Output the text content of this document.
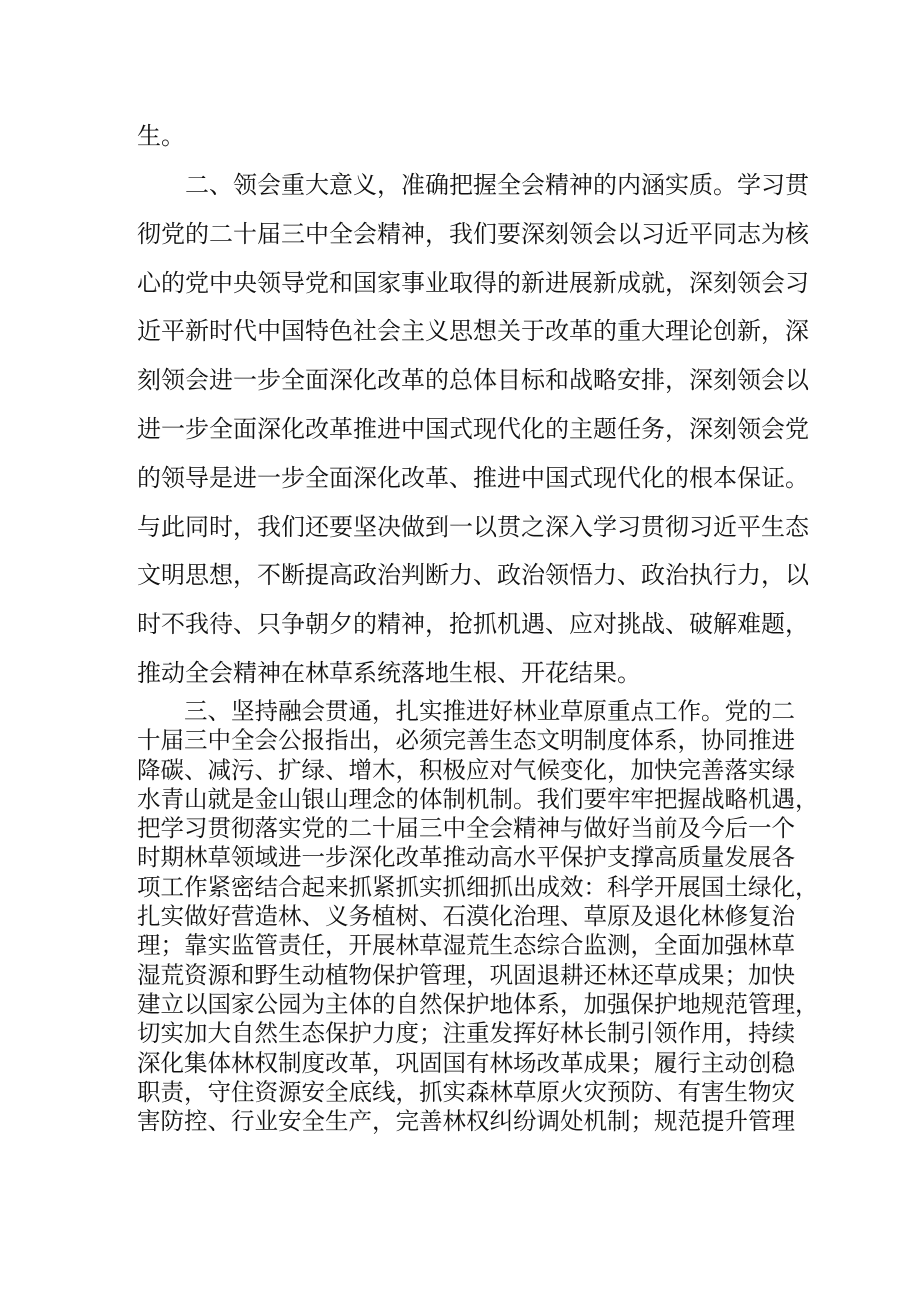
生。

二、领会重大意义，准确把握全会精神的内涵实质。学习贯
彻党的二十届三中全会精神，我们要深刻领会以习近平同志为核
心的党中央领导党和国家事业取得的新进展新成就，深刻领会习
近平新时代中国特色社会主义思想关于改革的重大理论创新，深
刻领会进一步全面深化改革的总体目标和战略安排，深刻领会以
进一步全面深化改革推进中国式现代化的主题任务，深刻领会党
的领导是进一步全面深化改革、推进中国式现代化的根本保证。
与此同时，我们还要坚决做到一以贯之深入学习贯彻习近平生态
文明思想，不断提高政治判断力、政治领悟力、政治执行力，以
时不我待、只争朝夕的精神，抢抓机遇、应对挑战、破解难题，
推动全会精神在林草系统落地生根、开花结果。

三、坚持融会贯通，扎实推进好林业草原重点工作。党的二
十届三中全会公报指出，必须完善生态文明制度体系，协同推进
降碳、减污、扩绿、增木，积极应对气候变化，加快完善落实绿
水青山就是金山银山理念的体制机制。我们要牢牢把握战略机遇，
把学习贯彻落实党的二十届三中全会精神与做好当前及今后一个
时期林草领域进一步深化改革推动高水平保护支撑高质量发展各
项工作紧密结合起来抓紧抓实抓细抓出成效：科学开展国土绿化，
扎实做好营造林、义务植树、石漠化治理、草原及退化林修复治
理；靠实监管责任，开展林草湿荒生态综合监测，全面加强林草
湿荒资源和野生动植物保护管理，巩固退耕还林还草成果；加快
建立以国家公园为主体的自然保护地体系，加强保护地规范管理，
切实加大自然生态保护力度；注重发挥好林长制引领作用，持续
深化集体林权制度改革，巩固国有林场改革成果；履行主动创稳
职责，守住资源安全底线，抓实森林草原火灾预防、有害生物灾
害防控、行业安全生产，完善林权纠纷调处机制；规范提升管理
